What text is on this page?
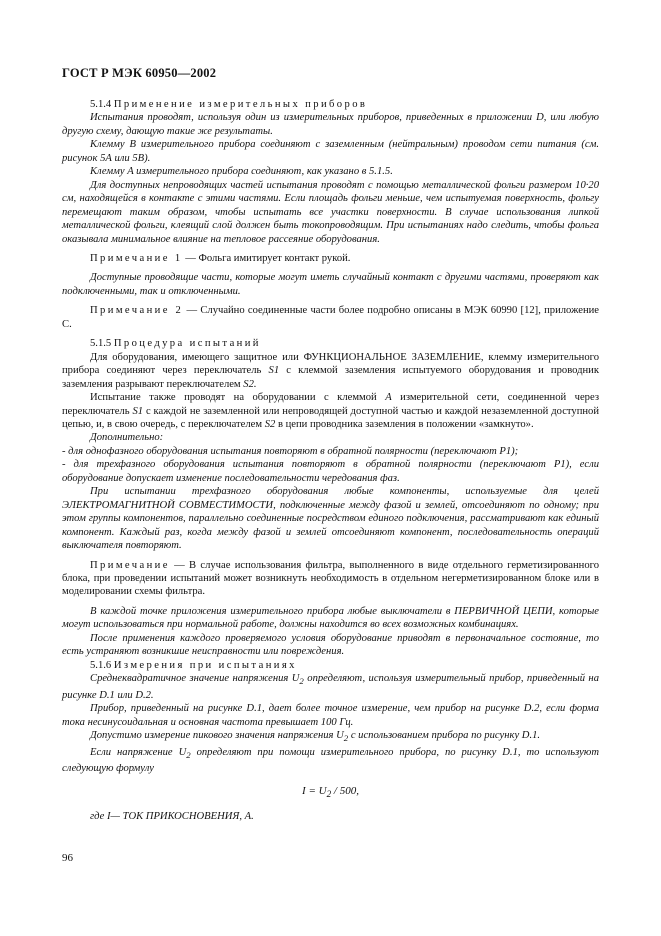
ГОСТ Р МЭК 60950—2002

5.1.4 Применение измерительных приборов

Испытания проводят, используя один из измерительных приборов, приведенных в приложении D, или любую другую схему, дающую такие же результаты.

Клемму B измерительного прибора соединяют с заземленным (нейтральным) проводом сети питания (см. рисунок 5А или 5В).

Клемму A измерительного прибора соединяют, как указано в 5.1.5.

Для доступных непроводящих частей испытания проводят с помощью металлической фольги размером 10·20 см, находящейся в контакте с этими частями. Если площадь фольги меньше, чем испытуемая поверхность, фольгу перемещают таким образом, чтобы испытать все участки поверхности. В случае использования липкой металлической фольги, клеящий слой должен быть токопроводящим. При испытаниях надо следить, чтобы фольга оказывала минимальное влияние на тепловое рассеяние оборудования.

Примечание 1 — Фольга имитирует контакт рукой.

Доступные проводящие части, которые могут иметь случайный контакт с другими частями, проверяют как подключенными, так и отключенными.

Примечание 2 — Случайно соединенные части более подробно описаны в МЭК 60990 [12], приложение С.

5.1.5 Процедура испытаний

Для оборудования, имеющего защитное или ФУНКЦИОНАЛЬНОЕ ЗАЗЕМЛЕНИЕ, клемму измерительного прибора соединяют через переключатель S1 с клеммой заземления испытуемого оборудования и проводник заземления разрывают переключателем S2.

Испытание также проводят на оборудовании с клеммой A измерительной сети, соединенной через переключатель S1 с каждой не заземленной или непроводящей доступной частью и каждой незаземленной доступной цепью, и, в свою очередь, с переключателем S2 в цепи проводника заземления в положении «замкнуто».

Дополнительно:

- для однофазного оборудования испытания повторяют в обратной полярности (переключают P1);

- для трехфазного оборудования испытания повторяют в обратной полярности (переключают P1), если оборудование допускает изменение последовательности чередования фаз.

При испытании трехфазного оборудования любые компоненты, используемые для целей ЭЛЕКТРОМАГНИТНОЙ СОВМЕСТИМОСТИ, подключенные между фазой и землей, отсоединяют по одному; при этом группы компонентов, параллельно соединенные посредством единого подключения, рассматривают как единый компонент. Каждый раз, когда между фазой и землей отсоединяют компонент, последовательность операций выключателя повторяют.

Примечание — В случае использования фильтра, выполненного в виде отдельного герметизированного блока, при проведении испытаний может возникнуть необходимость в отдельном негерметизированном блоке или в моделировании схемы фильтра.

В каждой точке приложения измерительного прибора любые выключатели в ПЕРВИЧНОЙ ЦЕПИ, которые могут использоваться при нормальной работе, должны находится во всех возможных комбинациях.

После применения каждого проверяемого условия оборудование приводят в первоначальное состояние, то есть устраняют возникшие неисправности или повреждения.

5.1.6 Измерения при испытаниях

Среднеквадратичное значение напряжения $U_2$ определяют, используя измерительный прибор, приведенный на рисунке D.1 или D.2.

Прибор, приведенный на рисунке D.1, дает более точное измерение, чем прибор на рисунке D.2, если форма тока несинусоидальная и основная частота превышает 100 Гц.

Допустимо измерение пикового значения напряжения $U_2$ с использованием прибора по рисунку D.1.

Если напряжение $U_2$ определяют при помощи измерительного прибора, по рисунку D.1, то используют следующую формулу

$I = U_2 / 500$,

где I— ТОК ПРИКОСНОВЕНИЯ, А.

96
